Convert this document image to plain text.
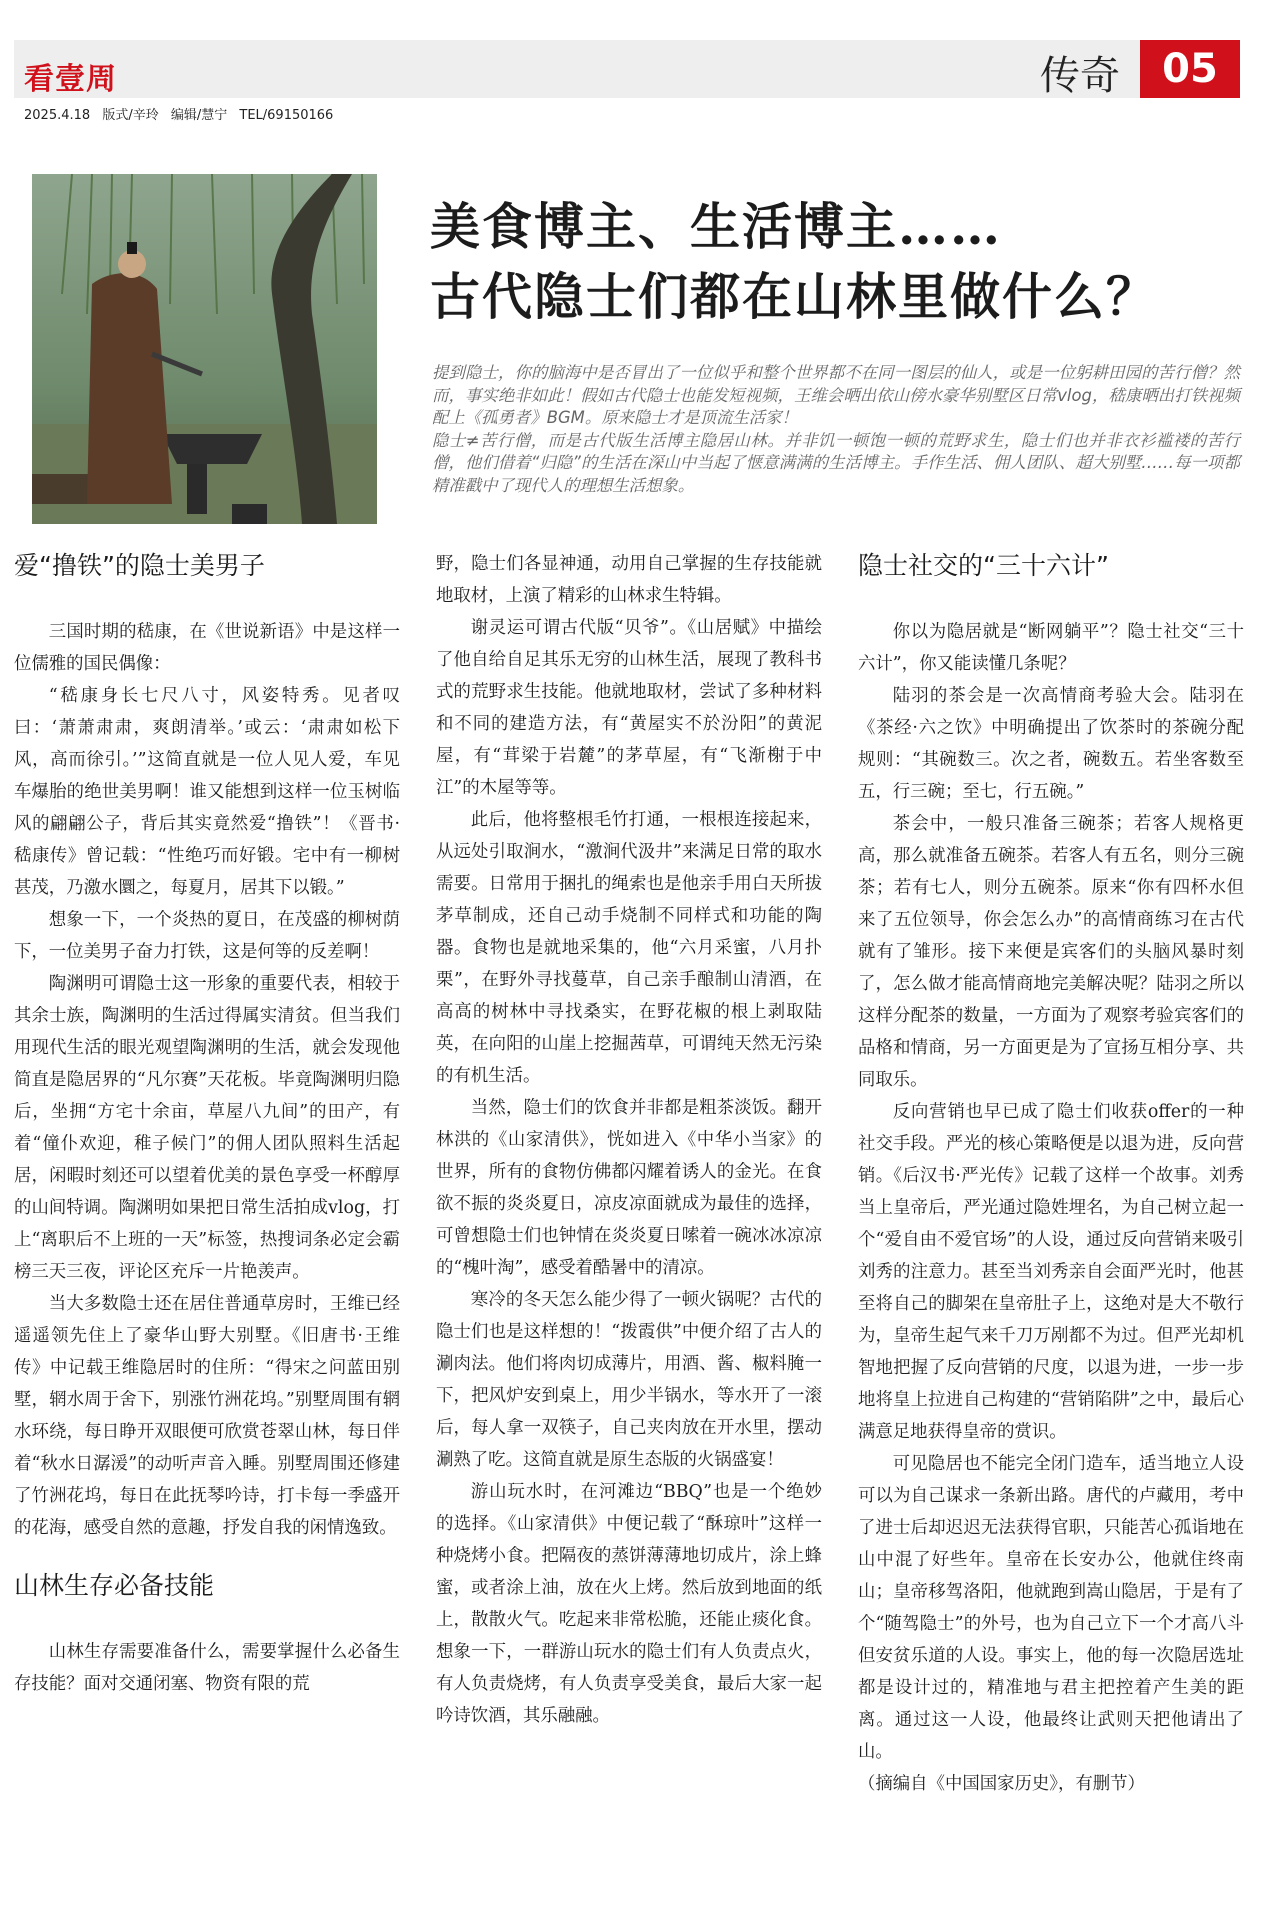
看壹周	传奇	05
2025.4.18 版式/辛玲 编辑/慧宁 TEL/69150166
美食博主、生活博主……
古代隐士们都在山林里做什么？

提到隐士，你的脑海中是否冒出了一位似乎和整个世界都不在同一图层的仙人，或是一位躬耕田园的苦行僧？然而，事实绝非如此！假如古代隐士也能发短视频，王维会晒出依山傍水豪华别墅区日常vlog，嵇康晒出打铁视频配上《孤勇者》BGM。原来隐士才是顶流生活家！

隐士≠苦行僧，而是古代版生活博主隐居山林。并非饥一顿饱一顿的荒野求生，隐士们也并非衣衫褴褛的苦行僧，他们借着“归隐”的生活在深山中当起了惬意满满的生活博主。手作生活、佣人团队、超大别墅……每一项都精准戳中了现代人的理想生活想象。

爱“撸铁”的隐士美男子

三国时期的嵇康，在《世说新语》中是这样一位儒雅的国民偶像：

“嵇康身长七尺八寸，风姿特秀。见者叹曰：‘萧萧肃肃，爽朗清举。’或云：‘肃肃如松下风，高而徐引。’”这简直就是一位人见人爱，车见车爆胎的绝世美男啊！谁又能想到这样一位玉树临风的翩翩公子，背后其实竟然爱“撸铁”！《晋书·嵇康传》曾记载：“性绝巧而好锻。宅中有一柳树甚茂，乃激水圜之，每夏月，居其下以锻。”

想象一下，一个炎热的夏日，在茂盛的柳树荫下，一位美男子奋力打铁，这是何等的反差啊！

陶渊明可谓隐士这一形象的重要代表，相较于其余士族，陶渊明的生活过得属实清贫。但当我们用现代生活的眼光观望陶渊明的生活，就会发现他简直是隐居界的“凡尔赛”天花板。毕竟陶渊明归隐后，坐拥“方宅十余亩，草屋八九间”的田产，有着“僮仆欢迎，稚子候门”的佣人团队照料生活起居，闲暇时刻还可以望着优美的景色享受一杯醇厚的山间特调。陶渊明如果把日常生活拍成vlog，打上“离职后不上班的一天”标签，热搜词条必定会霸榜三天三夜，评论区充斥一片艳羡声。

当大多数隐士还在居住普通草房时，王维已经遥遥领先住上了豪华山野大别墅。《旧唐书·王维传》中记载王维隐居时的住所：“得宋之问蓝田别墅，辋水周于舍下，别涨竹洲花坞。”别墅周围有辋水环绕，每日睁开双眼便可欣赏苍翠山林，每日伴着“秋水日潺湲”的动听声音入睡。别墅周围还修建了竹洲花坞，每日在此抚琴吟诗，打卡每一季盛开的花海，感受自然的意趣，抒发自我的闲情逸致。

山林生存必备技能

山林生存需要准备什么，需要掌握什么必备生存技能？面对交通闭塞、物资有限的荒

野，隐士们各显神通，动用自己掌握的生存技能就地取材，上演了精彩的山林求生特辑。

谢灵运可谓古代版“贝爷”。《山居赋》中描绘了他自给自足其乐无穷的山林生活，展现了教科书式的荒野求生技能。他就地取材，尝试了多种材料和不同的建造方法，有“黄屋实不於汾阳”的黄泥屋，有“茸梁于岩麓”的茅草屋，有“飞渐榭于中江”的木屋等等。

此后，他将整根毛竹打通，一根根连接起来，从远处引取涧水，“激涧代汲井”来满足日常的取水需要。日常用于捆扎的绳索也是他亲手用白天所拔茅草制成，还自己动手烧制不同样式和功能的陶器。食物也是就地采集的，他“六月采蜜，八月扑栗”，在野外寻找蔓草，自己亲手酿制山清酒，在高高的树林中寻找桑实，在野花椒的根上剥取陆英，在向阳的山崖上挖掘茜草，可谓纯天然无污染的有机生活。

当然，隐士们的饮食并非都是粗茶淡饭。翻开林洪的《山家清供》，恍如进入《中华小当家》的世界，所有的食物仿佛都闪耀着诱人的金光。在食欲不振的炎炎夏日，凉皮凉面就成为最佳的选择，可曾想隐士们也钟情在炎炎夏日嗦着一碗冰冰凉凉的“槐叶淘”，感受着酷暑中的清凉。

寒冷的冬天怎么能少得了一顿火锅呢？古代的隐士们也是这样想的！“拨霞供”中便介绍了古人的涮肉法。他们将肉切成薄片，用酒、酱、椒料腌一下，把风炉安到桌上，用少半锅水，等水开了一滚后，每人拿一双筷子，自己夹肉放在开水里，摆动涮熟了吃。这简直就是原生态版的火锅盛宴！

游山玩水时，在河滩边“BBQ”也是一个绝妙的选择。《山家清供》中便记载了“酥琼叶”这样一种烧烤小食。把隔夜的蒸饼薄薄地切成片，涂上蜂蜜，或者涂上油，放在火上烤。然后放到地面的纸上，散散火气。吃起来非常松脆，还能止痰化食。想象一下，一群游山玩水的隐士们有人负责点火，有人负责烧烤，有人负责享受美食，最后大家一起吟诗饮酒，其乐融融。

隐士社交的“三十六计”

你以为隐居就是“断网躺平”？隐士社交“三十六计”，你又能读懂几条呢？

陆羽的茶会是一次高情商考验大会。陆羽在《茶经·六之饮》中明确提出了饮茶时的茶碗分配规则：“其碗数三。次之者，碗数五。若坐客数至五，行三碗；至七，行五碗。”

茶会中，一般只准备三碗茶；若客人规格更高，那么就准备五碗茶。若客人有五名，则分三碗茶；若有七人，则分五碗茶。原来“你有四杯水但来了五位领导，你会怎么办”的高情商练习在古代就有了雏形。接下来便是宾客们的头脑风暴时刻了，怎么做才能高情商地完美解决呢？陆羽之所以这样分配茶的数量，一方面为了观察考验宾客们的品格和情商，另一方面更是为了宣扬互相分享、共同取乐。

反向营销也早已成了隐士们收获offer的一种社交手段。严光的核心策略便是以退为进，反向营销。《后汉书·严光传》记载了这样一个故事。刘秀当上皇帝后，严光通过隐姓埋名，为自己树立起一个“爱自由不爱官场”的人设，通过反向营销来吸引刘秀的注意力。甚至当刘秀亲自会面严光时，他甚至将自己的脚架在皇帝肚子上，这绝对是大不敬行为，皇帝生起气来千刀万剐都不为过。但严光却机智地把握了反向营销的尺度，以退为进，一步一步地将皇上拉进自己构建的“营销陷阱”之中，最后心满意足地获得皇帝的赏识。

可见隐居也不能完全闭门造车，适当地立人设可以为自己谋求一条新出路。唐代的卢藏用，考中了进士后却迟迟无法获得官职，只能苦心孤诣地在山中混了好些年。皇帝在长安办公，他就住终南山；皇帝移驾洛阳，他就跑到嵩山隐居，于是有了个“随驾隐士”的外号，也为自己立下一个才高八斗但安贫乐道的人设。事实上，他的每一次隐居选址都是设计过的，精准地与君主把控着产生美的距离。通过这一人设，他最终让武则天把他请出了山。

（摘编自《中国国家历史》，有删节）
